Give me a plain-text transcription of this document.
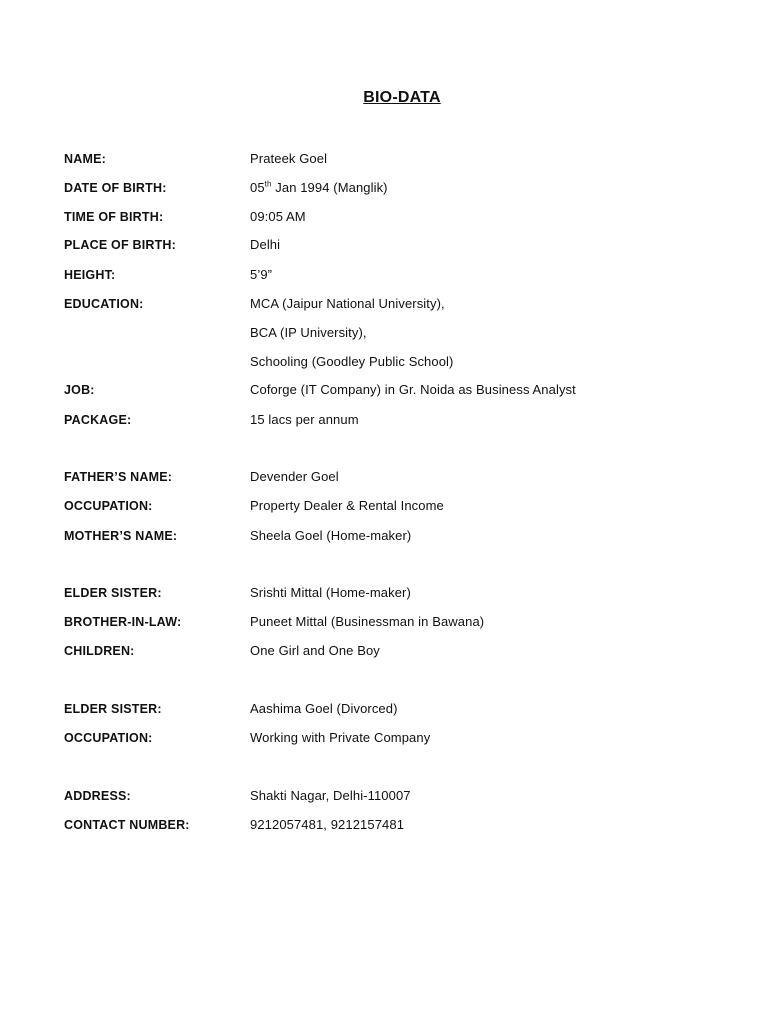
BIO-DATA
NAME:	Prateek Goel
DATE OF BIRTH:	05th Jan 1994 (Manglik)
TIME OF BIRTH:	09:05 AM
PLACE OF BIRTH:	Delhi
HEIGHT:	5’9”
EDUCATION:	MCA (Jaipur National University),
BCA (IP University),
Schooling (Goodley Public School)
JOB:	Coforge (IT Company) in Gr. Noida as Business Analyst
PACKAGE:	15 lacs per annum
FATHER’S NAME:	Devender Goel
OCCUPATION:	Property Dealer & Rental Income
MOTHER’S NAME:	Sheela Goel (Home-maker)
ELDER SISTER:	Srishti Mittal (Home-maker)
BROTHER-IN-LAW:	Puneet Mittal (Businessman in Bawana)
CHILDREN:	One Girl and One Boy
ELDER SISTER:	Aashima Goel (Divorced)
OCCUPATION:	Working with Private Company
ADDRESS:	Shakti Nagar, Delhi-110007
CONTACT NUMBER:	9212057481, 9212157481
